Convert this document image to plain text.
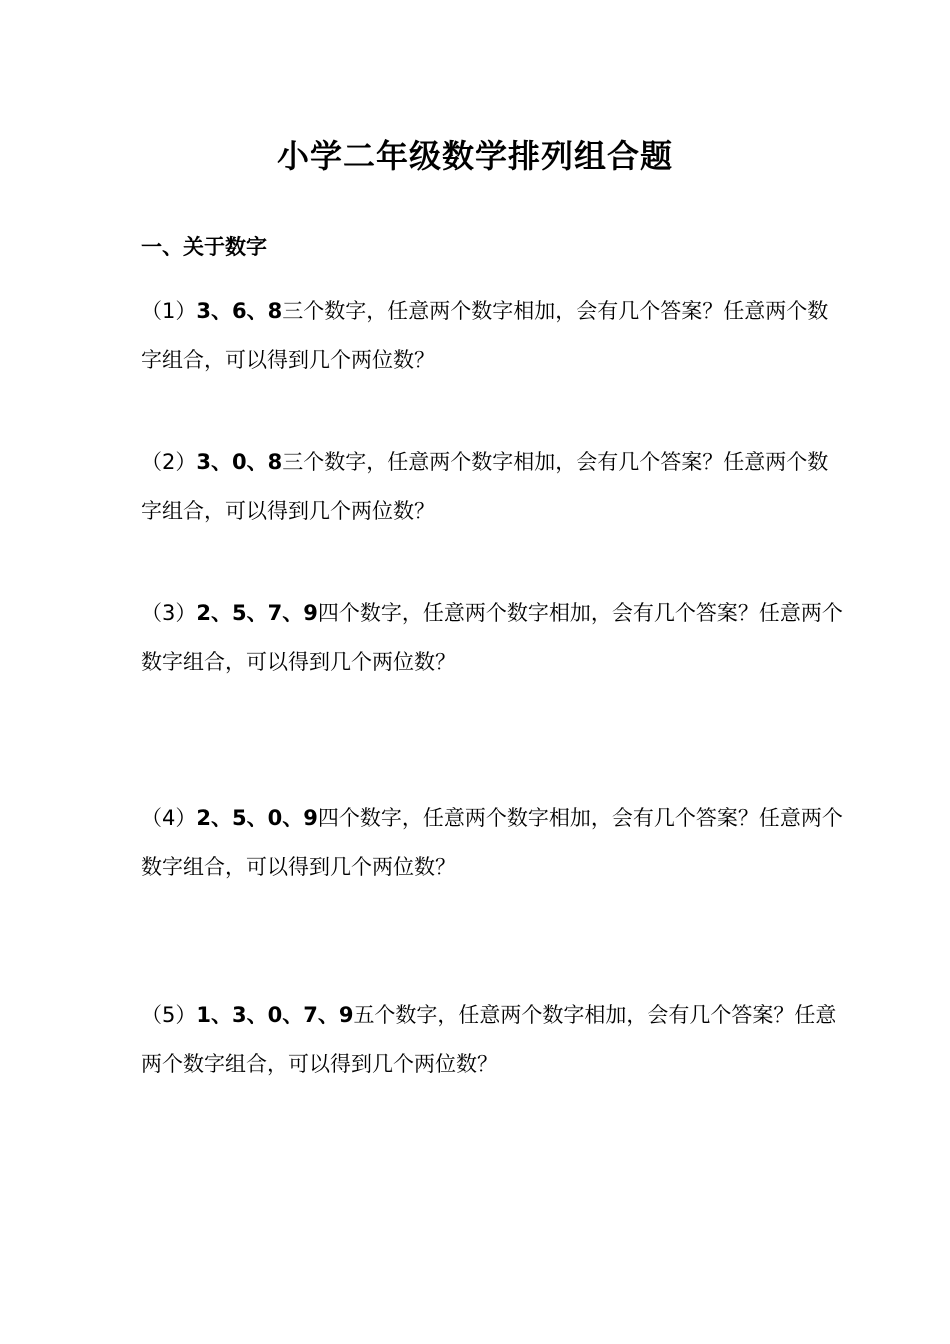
小学二年级数学排列组合题
一、关于数字
（1）3、6、8三个数字，任意两个数字相加，会有几个答案？任意两个数字组合，可以得到几个两位数？
（2）3、0、8三个数字，任意两个数字相加，会有几个答案？任意两个数字组合，可以得到几个两位数？
（3）2、5、7、9四个数字，任意两个数字相加，会有几个答案？任意两个数字组合，可以得到几个两位数？
（4）2、5、0、9四个数字，任意两个数字相加，会有几个答案？任意两个数字组合，可以得到几个两位数？
（5）1、3、0、7、9五个数字，任意两个数字相加，会有几个答案？任意两个数字组合，可以得到几个两位数？
